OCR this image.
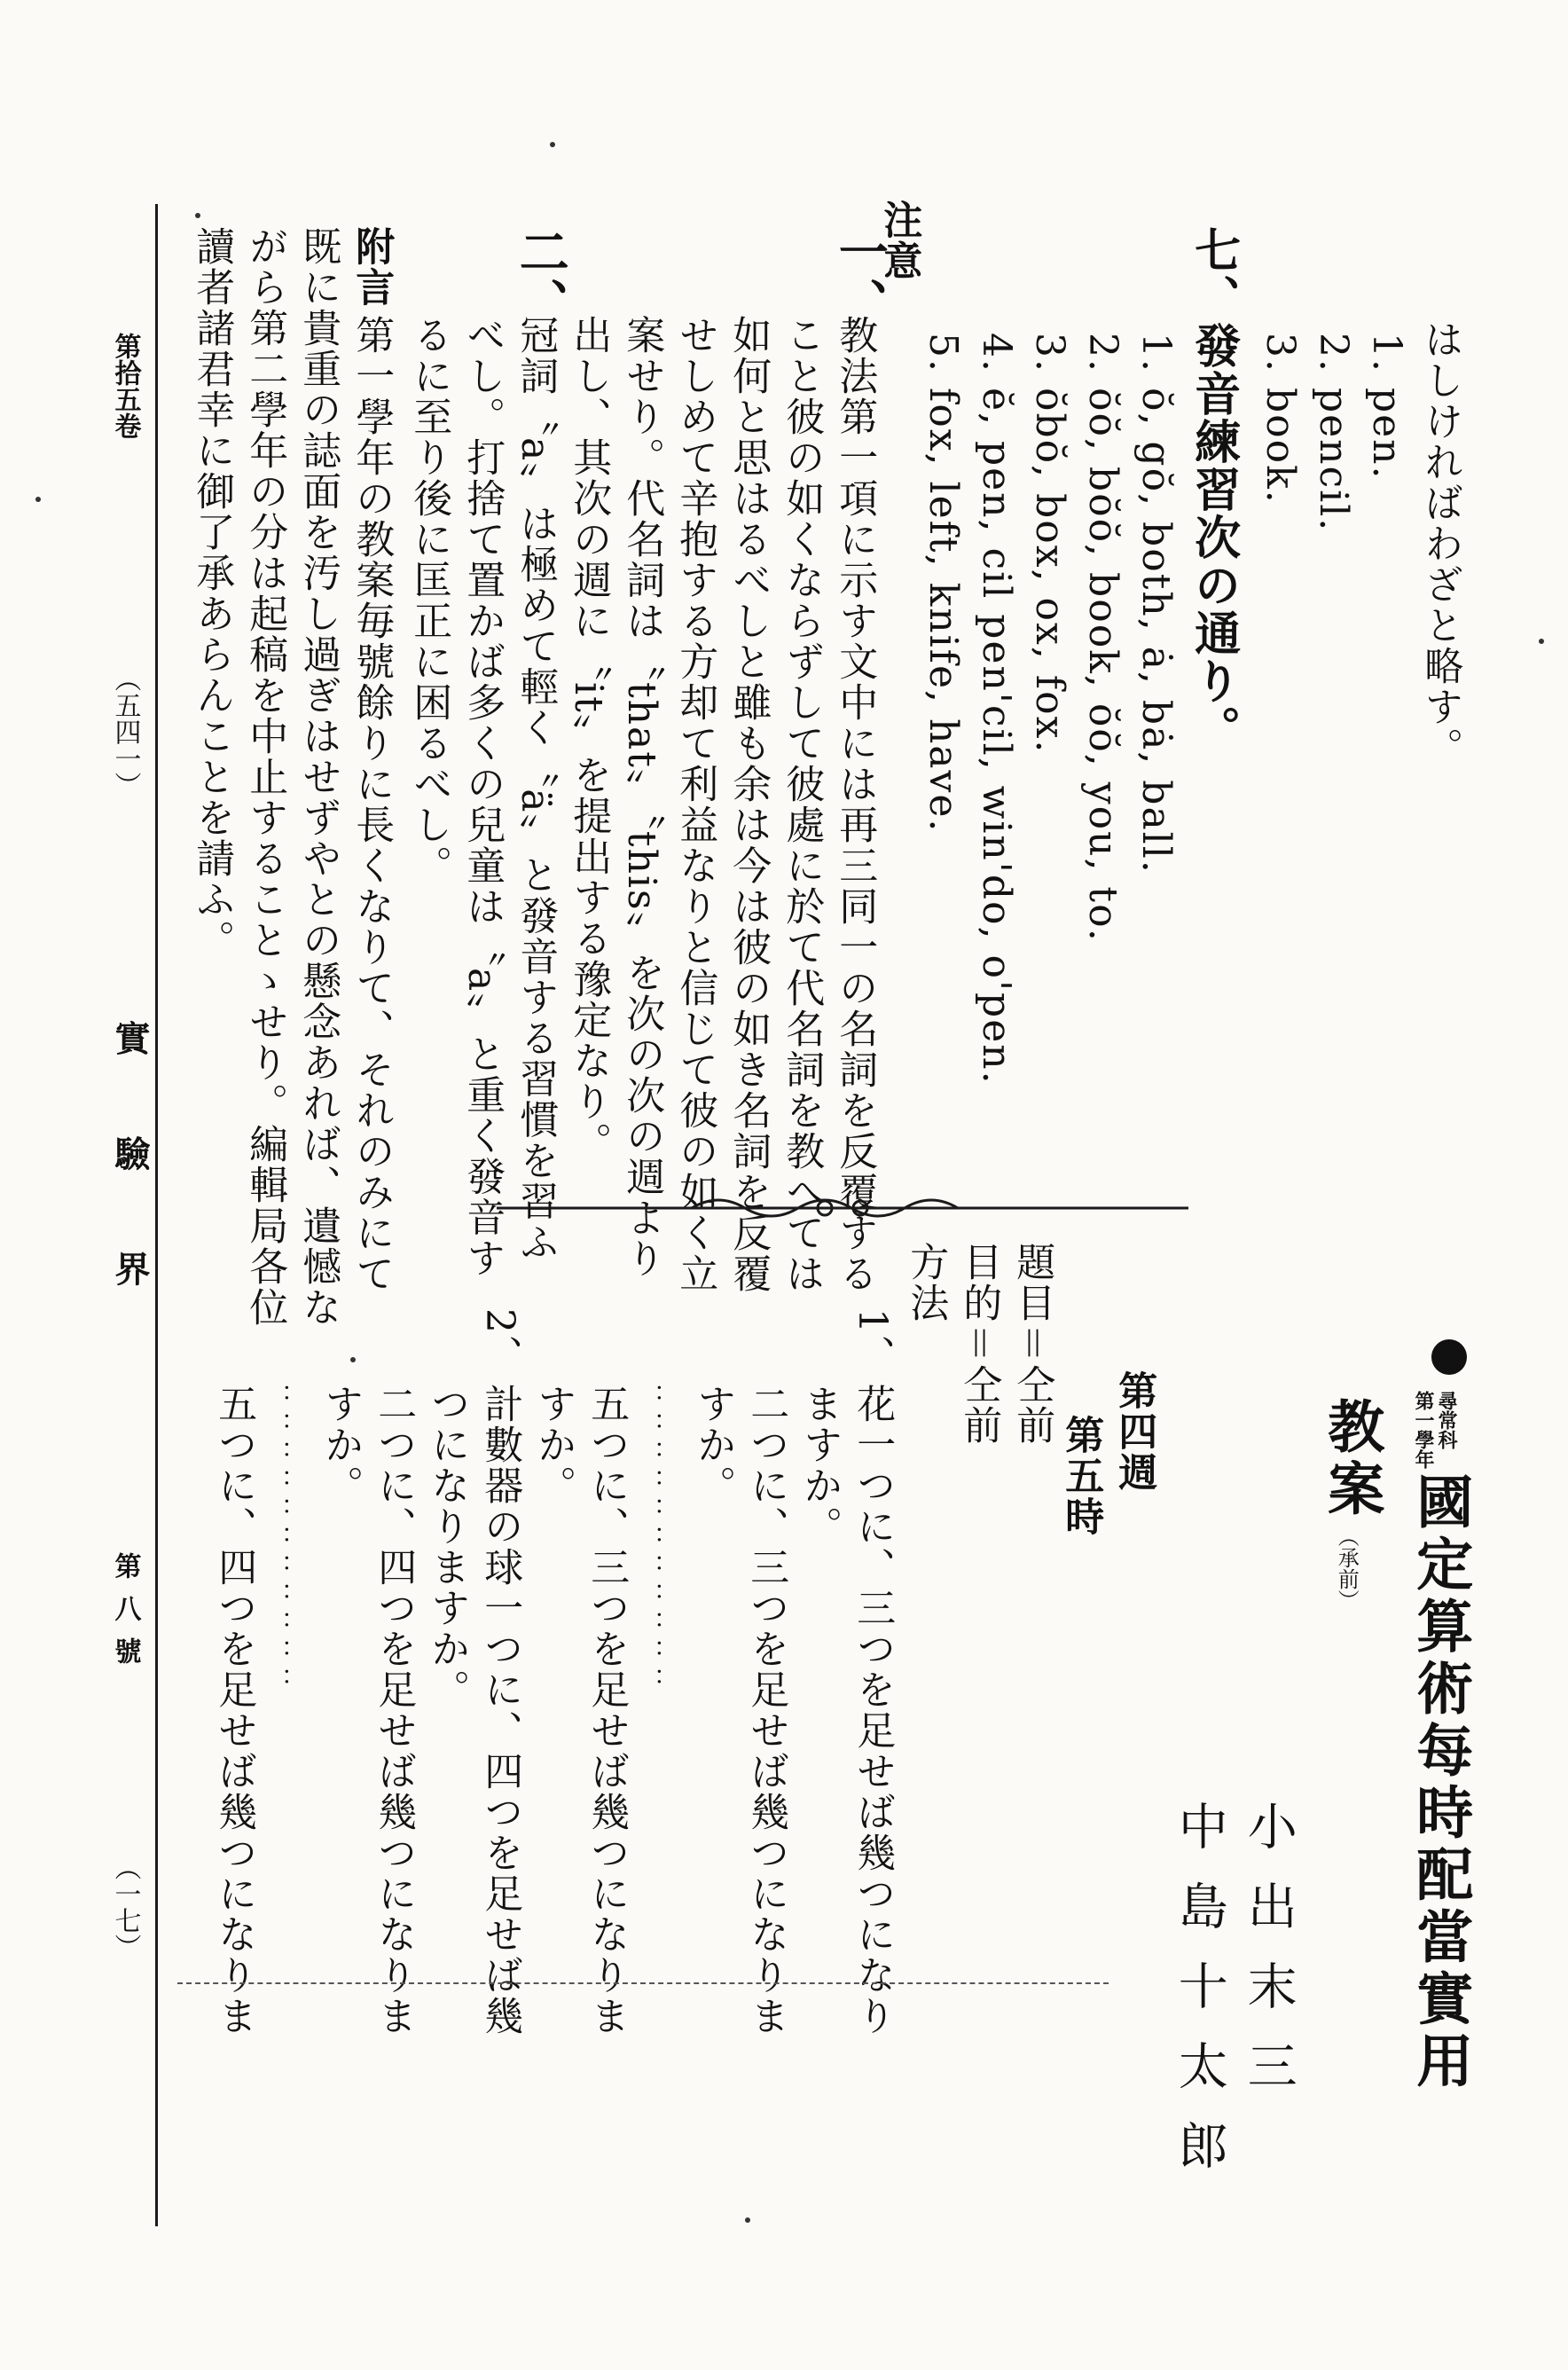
尋常科
第一學年
國定算術每時配當實用
教案
（承前）
小出末三
中島十太郎
はしければわざと略す。
1. pen.
2. pencil.
3. book.
七、發音練習次の通り。
1. ŏ, gŏ, both, ȧ, bȧ, ball.
2. ŏŏ, bŏŏ, book, ŏŏ, you, to.
3. ŏbŏ, box, ox, fox.
4. ĕ, pen, cil pen'cil, win'do, o'pen.
5. fox, left, knife, have.
注意
一、
教法第一項に示す文中には再三同一の名詞を反覆する
こと彼の如くならずして彼處に於て代名詞を教へては
如何と思はるべしと雖も余は今は彼の如き名詞を反覆
せしめて辛抱する方却て利益なりと信じて彼の如く立
案せり。代名詞は〝that〞〝this〞を次の次の週より
出し、其次の週に〝it〞を提出する豫定なり。
二、
冠詞〝a〞は極めて輕く〝ä〞と發音する習慣を習ふ
べし。打捨て置かば多くの兒童は〝a〞と重く發音す
るに至り後に匡正に困るべし。
附言
第一學年の教案毎號餘りに長くなりて、それのみにて
既に貴重の誌面を汚し過ぎはせずやとの懸念あれば、遺憾な
がら第二學年の分は起稿を中止することゝせり。編輯局各位
讀者諸君幸に御了承あらんことを請ふ。
第四週
第五時
題目＝仝前
目的＝仝前
方法
1、
花一つに、三つを足せば幾つになり
ますか。
二つに、三つを足せば幾つになりま
すか。
：：：：：：：：：：：
五つに、三つを足せば幾つになりま
すか。
2、
計數器の球一つに、四つを足せば幾
つになりますか。
二つに、四つを足せば幾つになりま
すか。
：：：：：：：：：：：
五つに、四つを足せば幾つになりま
第拾五卷
（五四一）
實驗界
第八號
（一七）
